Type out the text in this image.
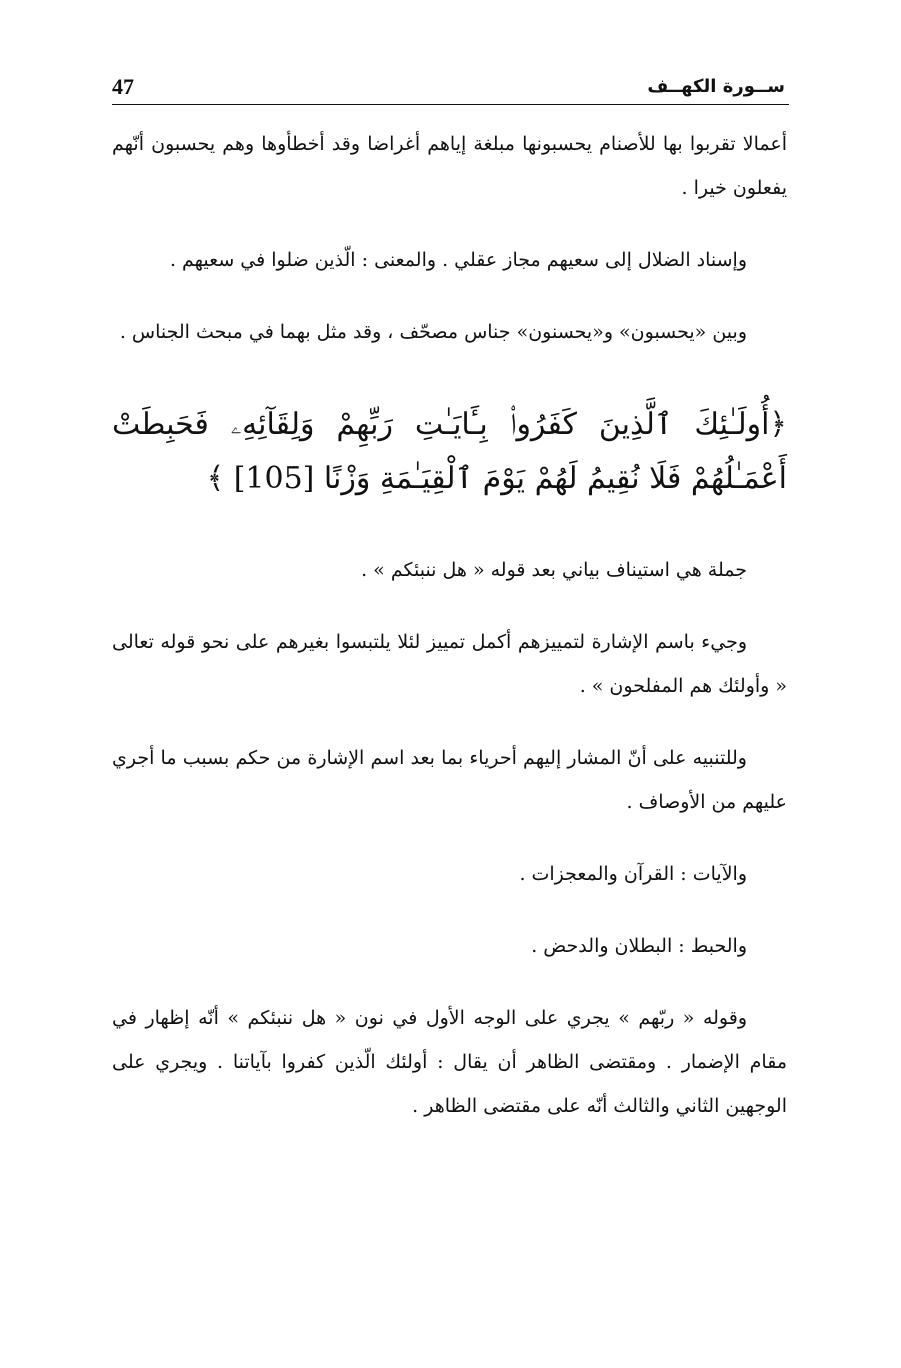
47	ســورة الكهــف

أعمالا تقربوا بها للأصنام يحسبونها مبلغة إياهم أغراضا وقد أخطأوها وهم يحسبون أنّهم يفعلون خيرا .

وإسناد الضلال إلى سعيهم مجاز عقلي . والمعنى : الّذين ضلوا في سعيهم .

وبين «يحسبون» و«يحسنون» جناس مصحّف ، وقد مثل بهما في مبحث الجناس .

﴿أُولَـٰئِكَ ٱلَّذِينَ كَفَرُوا۟ بِـَٔايَـٰتِ رَبِّهِمْ وَلِقَآئِهِۦ فَحَبِطَتْ أَعْمَـٰلُهُمْ فَلَا نُقِيمُ لَهُمْ يَوْمَ ٱلْقِيَـٰمَةِ وَزْنًا [105] ﴾

جملة هي استيناف بياني بعد قوله « هل ننبئكم » .

وجيء باسم الإشارة لتمييزهم أكمل تمييز لئلا يلتبسوا بغيرهم على نحو قوله تعالى « وأولئك هم المفلحون » .

وللتنبيه على أنّ المشار إليهم أحرياء بما بعد اسم الإشارة من حكم بسبب ما أجري عليهم من الأوصاف .

والآيات : القرآن والمعجزات .

والحبط : البطلان والدحض .

وقوله « ربّهم » يجري على الوجه الأول في نون « هل ننبئكم » أنّه إظهار في مقام الإضمار . ومقتضى الظاهر أن يقال : أولئك الّذين كفروا بآياتنا . ويجري على الوجهين الثاني والثالث أنّه على مقتضى الظاهر .
